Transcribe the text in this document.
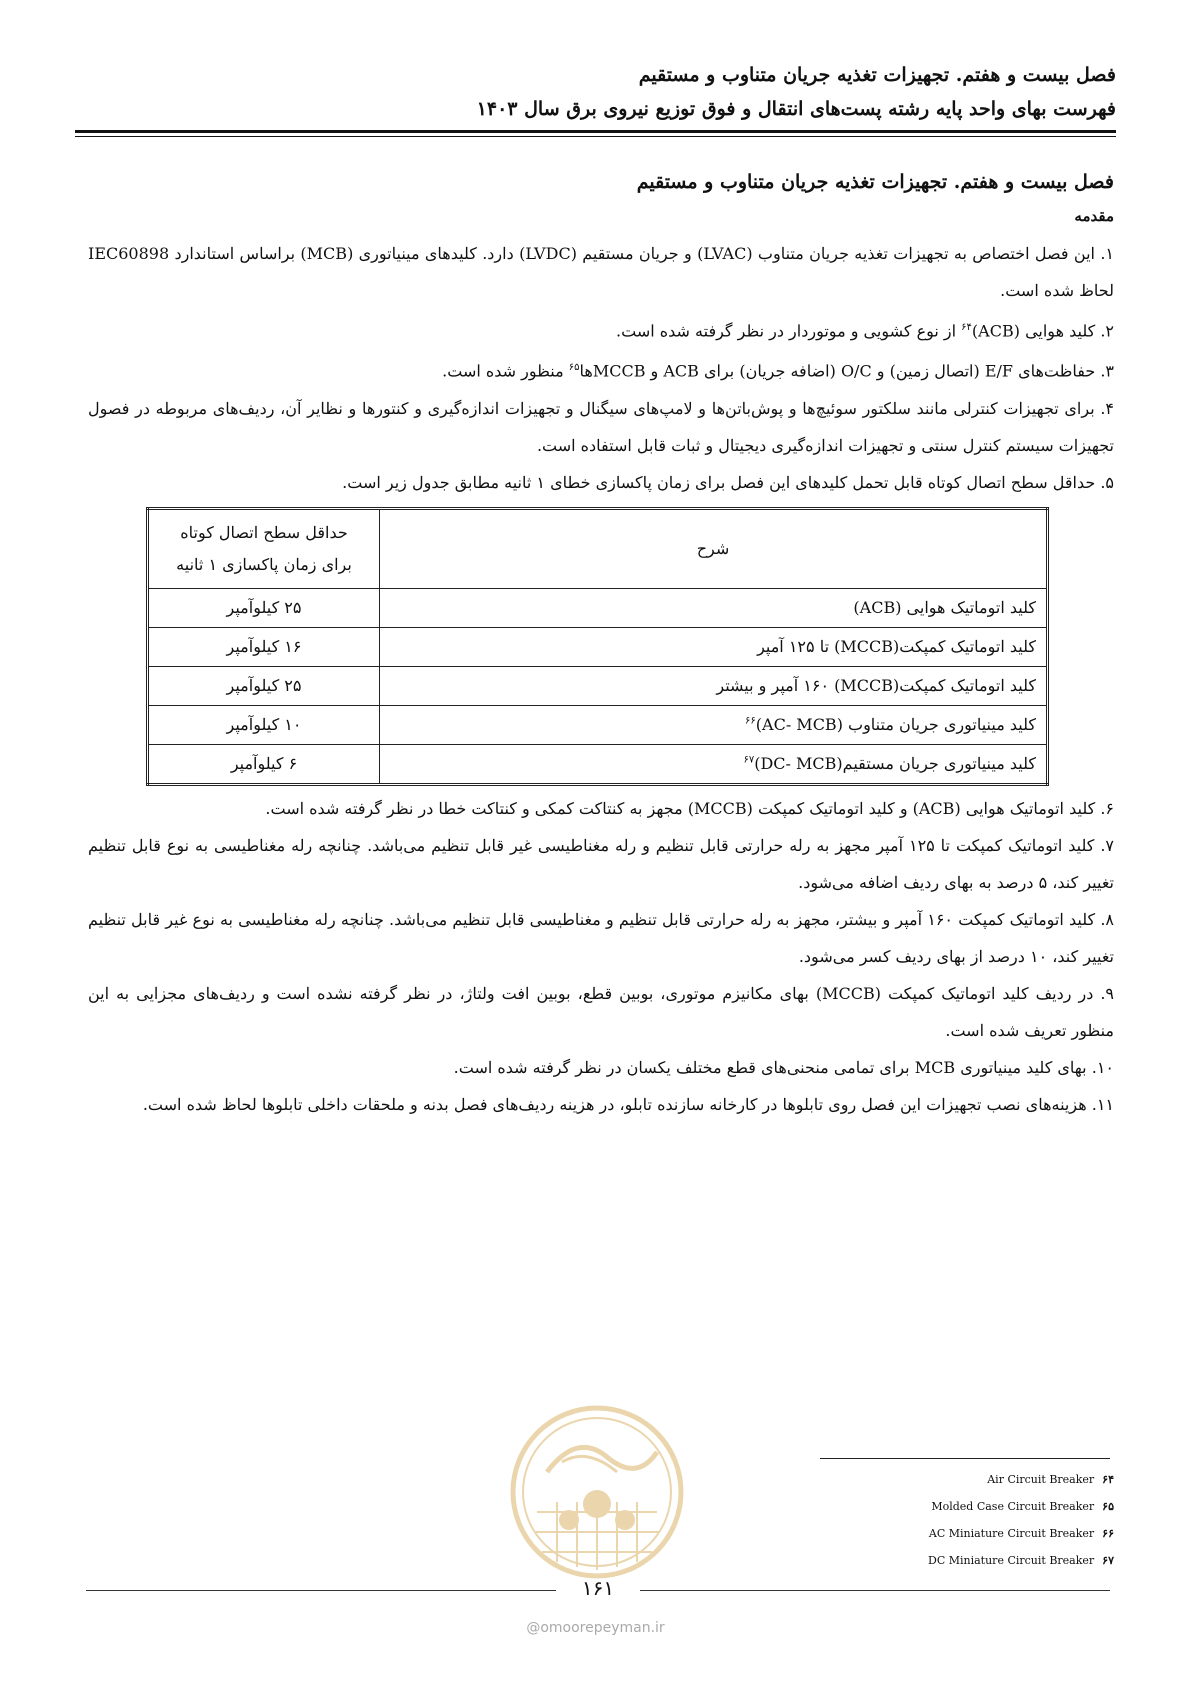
فصل بیست و هفتم. تجهیزات تغذیه جریان متناوب و مستقیم
فهرست بهای واحد پایه رشته پست‌های انتقال و فوق توزیع نیروی برق سال ۱۴۰۳
فصل بیست و هفتم. تجهیزات تغذیه جریان متناوب و مستقیم
مقدمه
۱. این فصل اختصاص به تجهیزات تغذیه جریان متناوب (LVAC) و جریان مستقیم (LVDC) دارد. کلیدهای مینیاتوری (MCB) براساس استاندارد IEC60898 لحاظ شده است.
۲. کلید هوایی (ACB)$^{۶۴}$ از نوع کشویی و موتوردار در نظر گرفته شده است.
۳. حفاظت‌های E/F (اتصال زمین) و O/C (اضافه جریان) برای ACB و MCCBها$^{۶۵}$ منظور شده است.
۴. برای تجهیزات کنترلی مانند سلکتور سوئیچ‌ها و پوش‌باتن‌ها و لامپ‌های سیگنال و تجهیزات اندازه‌گیری و کنتورها و نظایر آن، ردیف‌های مربوطه در فصول تجهیزات سیستم کنترل سنتی و تجهیزات اندازه‌گیری دیجیتال و ثبات قابل استفاده است.
۵. حداقل سطح اتصال کوتاه قابل تحمل کلیدهای این فصل برای زمان پاکسازی خطای ۱ ثانیه مطابق جدول زیر است.
شرح	حداقل سطح اتصال کوتاه
برای زمان پاکسازی ۱ ثانیه
کلید اتوماتیک هوایی (ACB)	۲۵ کیلوآمپر
کلید اتوماتیک کمپکت(MCCB) تا ۱۲۵ آمپر	۱۶ کیلوآمپر
کلید اتوماتیک کمپکت(MCCB) ۱۶۰ آمپر و بیشتر	۲۵ کیلوآمپر
کلید مینیاتوری جریان متناوب (AC- MCB)$^{۶۶}$	۱۰ کیلوآمپر
کلید مینیاتوری جریان مستقیم(DC- MCB)$^{۶۷}$	۶ کیلوآمپر
۶. کلید اتوماتیک هوایی (ACB) و کلید اتوماتیک کمپکت (MCCB) مجهز به کنتاکت کمکی و کنتاکت خطا در نظر گرفته شده است.
۷. کلید اتوماتیک کمپکت تا ۱۲۵ آمپر مجهز به رله حرارتی قابل تنظیم و رله مغناطیسی غیر قابل تنظیم می‌باشد. چنانچه رله مغناطیسی به نوع قابل تنظیم تغییر کند، ۵ درصد به بهای ردیف اضافه می‌شود.
۸. کلید اتوماتیک کمپکت ۱۶۰ آمپر و بیشتر، مجهز به رله حرارتی قابل تنظیم و مغناطیسی قابل تنظیم می‌باشد. چنانچه رله مغناطیسی به نوع غیر قابل تنظیم تغییر کند، ۱۰ درصد از بهای ردیف کسر می‌شود.
۹. در ردیف کلید اتوماتیک کمپکت (MCCB) بهای مکانیزم موتوری، بوبین قطع، بوبین افت ولتاژ، در نظر گرفته نشده است و ردیف‌های مجزایی به این منظور تعریف شده است.
۱۰. بهای کلید مینیاتوری MCB برای تمامی منحنی‌های قطع مختلف یکسان در نظر گرفته شده است.
۱۱. هزینه‌های نصب تجهیزات این فصل روی تابلوها در کارخانه سازنده تابلو، در هزینه ردیف‌های فصل بدنه و ملحقات داخلی تابلوها لحاظ شده است.
۱۶۱
@omoorepeyman.ir
Air Circuit Breaker ۶۴
Molded Case Circuit Breaker ۶۵
AC Miniature Circuit Breaker ۶۶
DC Miniature Circuit Breaker ۶۷
